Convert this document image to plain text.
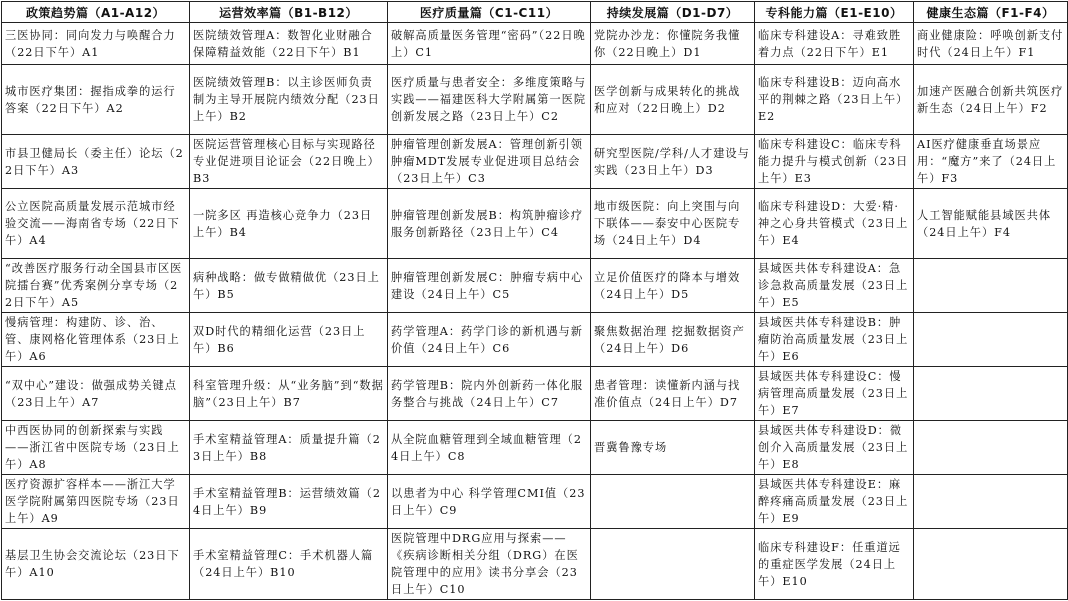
政策趋势篇（A1-A12）	运营效率篇（B1-B12）	医疗质量篇（C1-C11）	持续发展篇（D1-D7）	专科能力篇（E1-E10）	健康生态篇（F1-F4）
三医协同：同向发力与唤醒合力（22日下午）A1	医院绩效管理A：数智化业财融合保障精益效能（22日下午）B1	破解高质量医务管理“密码”（22日晚上）C1	党院办沙龙：你懂院务我懂你（22日晚上）D1	临床专科建设A：寻难致胜着力点（22日下午）E1	商业健康险：呼唤创新支付时代（24日上午）F1
城市医疗集团：握指成拳的运行答案（22日下午）A2	医院绩效管理B：以主诊医师负责制为主导开展院内绩效分配（23日上午）B2	医疗质量与患者安全：多维度策略与实践——福建医科大学附属第一医院创新发展之路（23日上午）C2	医学创新与成果转化的挑战和应对（22日晚上）D2	临床专科建设B：迈向高水平的荆棘之路（23日上午）E2	加速产医融合创新共筑医疗新生态（24日上午）F2
市县卫健局长（委主任）论坛（22日下午）A3	医院运营管理核心目标与实现路径专业促进项目论证会（22日晚上）B3	肿瘤管理创新发展A：管理创新引领肿瘤MDT发展专业促进项目总结会（23日上午）C3	研究型医院/学科/人才建设与实践（23日上午）D3	临床专科建设C：临床专科能力提升与模式创新（23日上午）E3	AI医疗健康垂直场景应用：“魔方”来了（24日上午）F3
公立医院高质量发展示范城市经验交流——海南省专场（22日下午）A4	一院多区 再造核心竞争力（23日上午）B4	肿瘤管理创新发展B：构筑肿瘤诊疗服务创新路径（23日上午）C4	地市级医院：向上突围与向下联体——泰安中心医院专场（24日上午）D4	临床专科建设D：大爱·精·神之心身共管模式（23日上午）E4	人工智能赋能县域医共体（24日上午）F4
“改善医疗服务行动全国县市区医院擂台赛”优秀案例分享专场（22日下午）A5	病种战略：做专做精做优（23日上午）B5	肿瘤管理创新发展C：肿瘤专病中心建设（24日上午）C5	立足价值医疗的降本与增效（24日上午）D5	县域医共体专科建设A：急诊急救高质量发展（23日上午）E5	
慢病管理：构建防、诊、治、管、康网格化管理体系（23日上午）A6	双D时代的精细化运营（23日上午）B6	药学管理A：药学门诊的新机遇与新价值（24日上午）C6	聚焦数据治理 挖掘数据资产（24日上午）D6	县域医共体专科建设B：肿瘤防治高质量发展（23日上午）E6	
“双中心”建设：做强成势关键点（23日上午）A7	科室管理升级：从“业务脑”到“数据脑”（23日上午）B7	药学管理B：院内外创新药一体化服务整合与挑战（24日上午）C7	患者管理：读懂新内涵与找准价值点（24日上午）D7	县域医共体专科建设C：慢病管理高质量发展（23日上午）E7	
中西医协同的创新探索与实践——浙江省中医院专场（23日上午）A8	手术室精益管理A：质量提升篇（23日上午）B8	从全院血糖管理到全域血糖管理（24日上午）C8	晋冀鲁豫专场	县域医共体专科建设D：微创介入高质量发展（23日上午）E8	
医疗资源扩容样本——浙江大学医学院附属第四医院专场（23日上午）A9	手术室精益管理B：运营绩效篇（24日上午）B9	以患者为中心 科学管理CMI值（23日上午）C9		县域医共体专科建设E：麻醉疼痛高质量发展（23日上午）E9	
基层卫生协会交流论坛（23日下午）A10	手术室精益管理C：手术机器人篇（24日上午）B10	医院管理中DRG应用与探索——《疾病诊断相关分组（DRG）在医院管理中的应用》读书分享会（23日上午）C10		临床专科建设F：任重道远的重症医学发展（24日上午）E10	
